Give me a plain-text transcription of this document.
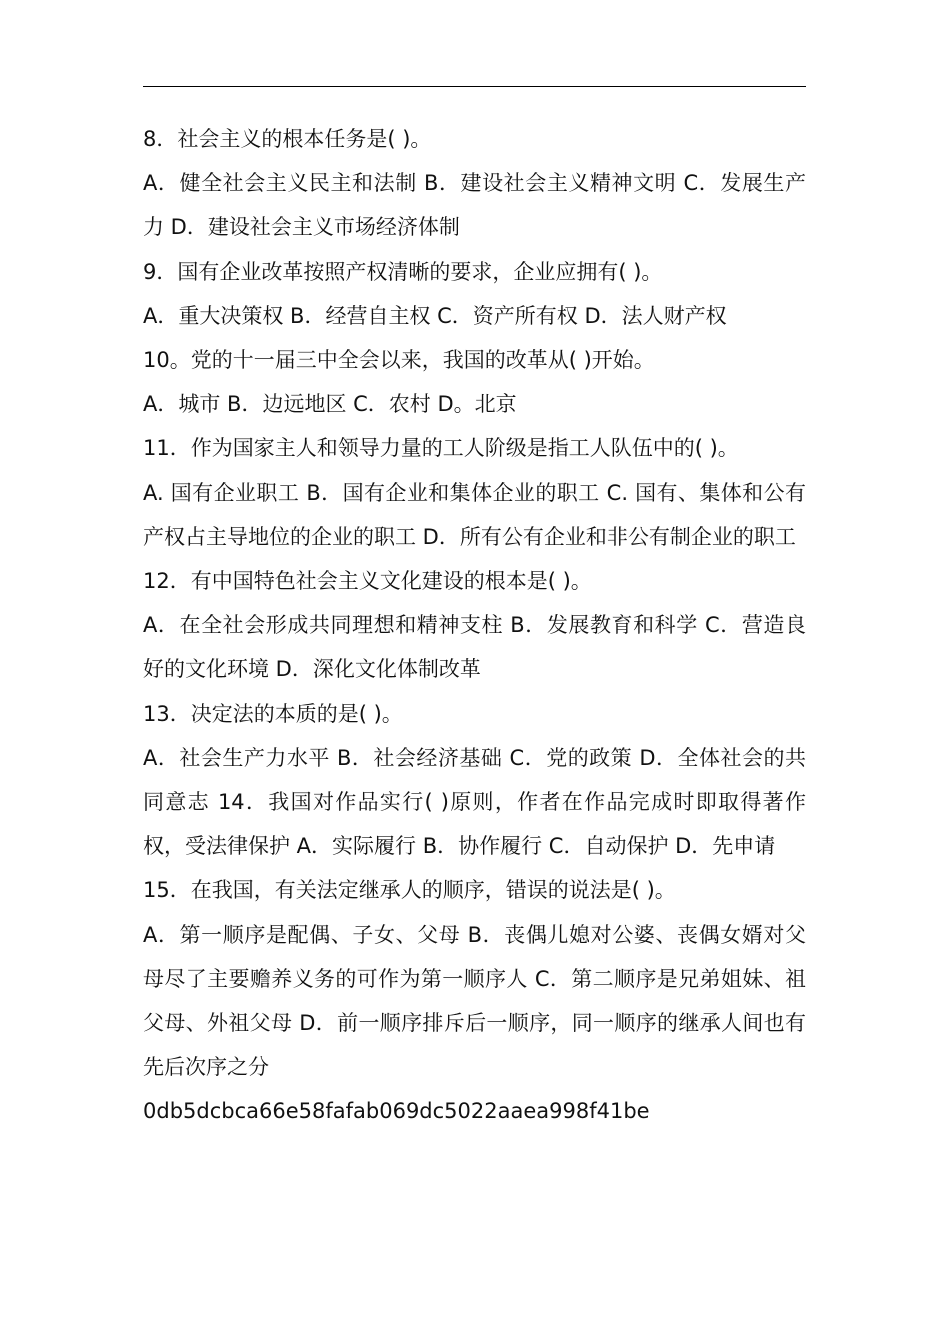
8．社会主义的根本任务是( )。

A．健全社会主义民主和法制 B．建设社会主义精神文明 C．发展生产力 D．建设社会主义市场经济体制

9．国有企业改革按照产权清晰的要求，企业应拥有( )。

A．重大决策权 B．经营自主权 C．资产所有权 D．法人财产权

10。党的十一届三中全会以来，我国的改革从( )开始。

A．城市 B．边远地区 C．农村 D。北京

11．作为国家主人和领导力量的工人阶级是指工人队伍中的( )。

A. 国有企业职工 B．国有企业和集体企业的职工 C. 国有、集体和公有产权占主导地位的企业的职工 D．所有公有企业和非公有制企业的职工

12．有中国特色社会主义文化建设的根本是( )。

A．在全社会形成共同理想和精神支柱 B．发展教育和科学 C．营造良好的文化环境 D．深化文化体制改革

13．决定法的本质的是( )。

A．社会生产力水平 B．社会经济基础 C．党的政策 D．全体社会的共同意志 14．我国对作品实行( )原则，作者在作品完成时即取得著作权，受法律保护 A．实际履行 B．协作履行 C．自动保护 D．先申请

15．在我国，有关法定继承人的顺序，错误的说法是( )。

A．第一顺序是配偶、子女、父母 B．丧偶儿媳对公婆、丧偶女婿对父母尽了主要赡养义务的可作为第一顺序人 C．第二顺序是兄弟姐妹、祖父母、外祖父母 D．前一顺序排斥后一顺序，同一顺序的继承人间也有先后次序之分

0db5dcbca66e58fafab069dc5022aaea998f41be
